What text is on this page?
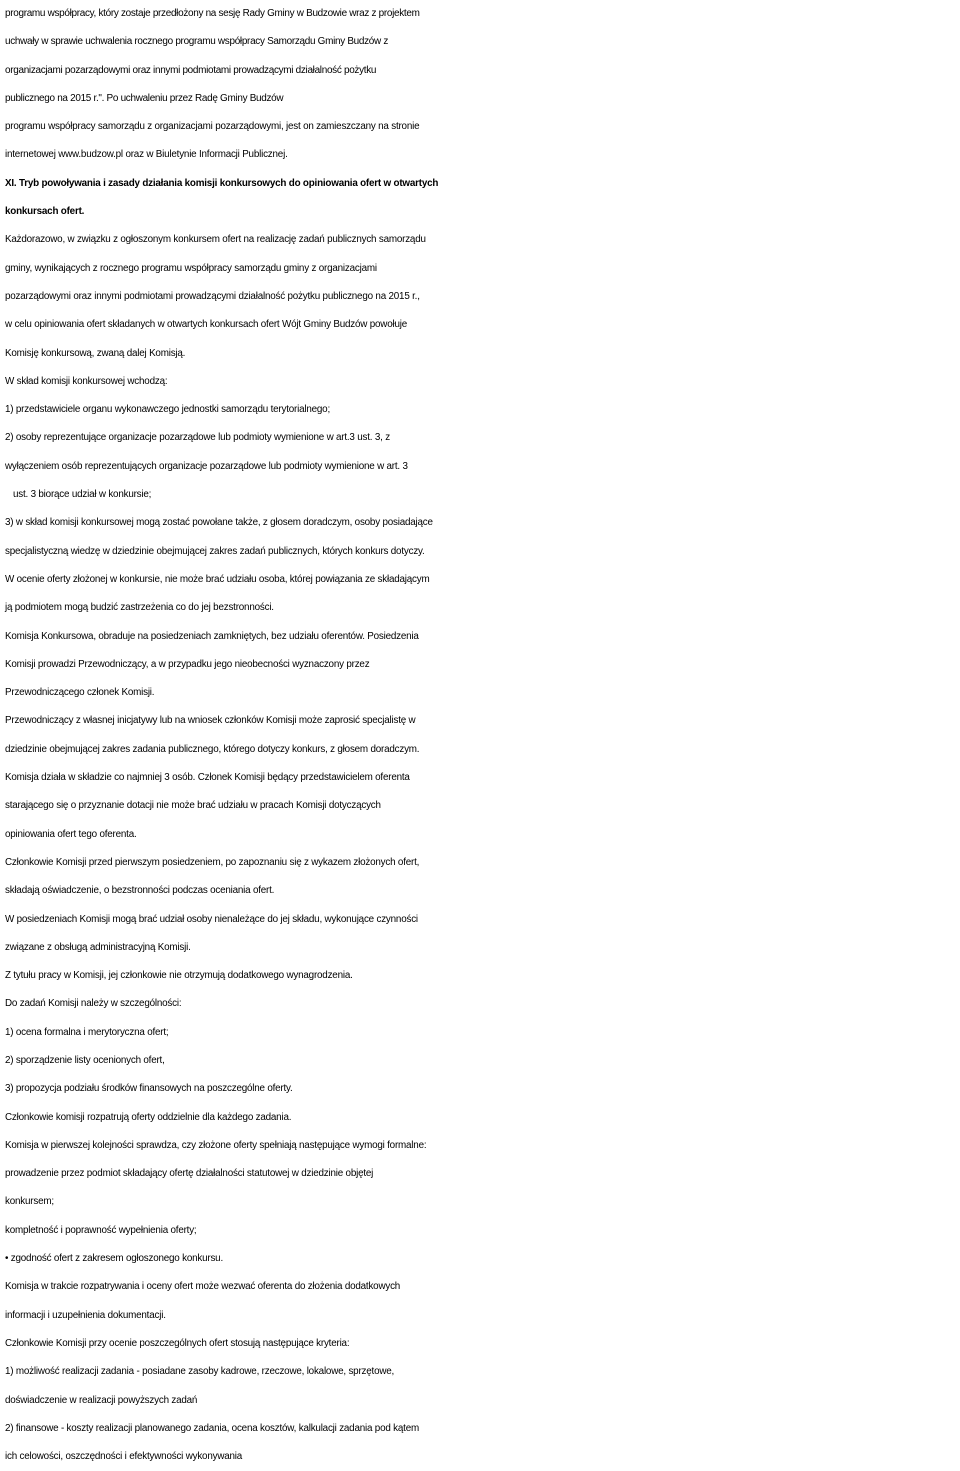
programu współpracy, który zostaje przedłożony na sesję Rady Gminy w Budzowie wraz z projektem
uchwały w sprawie uchwalenia rocznego programu współpracy Samorządu Gminy Budzów z
organizacjami pozarządowymi oraz innymi podmiotami prowadzącymi działalność pożytku
publicznego na 2015 r.". Po uchwaleniu przez Radę Gminy Budzów
programu współpracy samorządu z organizacjami pozarządowymi, jest on zamieszczany na stronie
internetowej www.budzow.pl oraz w Biuletynie Informacji Publicznej.
XI. Tryb powoływania i zasady działania komisji konkursowych do opiniowania ofert w otwartych
konkursach ofert.
Każdorazowo, w związku z ogłoszonym konkursem ofert na realizację zadań publicznych samorządu
gminy, wynikających z rocznego programu współpracy samorządu gminy z organizacjami
pozarządowymi oraz innymi podmiotami prowadzącymi działalność pożytku publicznego na 2015 r.,
w celu opiniowania ofert składanych w otwartych konkursach ofert Wójt Gminy Budzów powołuje
Komisję konkursową, zwaną dalej Komisją.
W skład komisji konkursowej wchodzą:
1) przedstawiciele organu wykonawczego jednostki samorządu terytorialnego;
2) osoby reprezentujące organizacje pozarządowe lub podmioty wymienione w art.3 ust. 3, z
wyłączeniem osób reprezentujących organizacje pozarządowe lub podmioty wymienione w art. 3
ust. 3 biorące udział w konkursie;
3) w skład komisji konkursowej mogą zostać powołane także, z głosem doradczym, osoby posiadające
specjalistyczną wiedzę w dziedzinie obejmującej zakres zadań publicznych, których konkurs dotyczy.
W ocenie oferty złożonej w konkursie, nie może brać udziału osoba, której powiązania ze składającym
ją podmiotem mogą budzić zastrzeżenia co do jej bezstronności.
Komisja Konkursowa, obraduje na posiedzeniach zamkniętych, bez udziału oferentów. Posiedzenia
Komisji prowadzi Przewodniczący, a w przypadku jego nieobecności wyznaczony przez
Przewodniczącego członek Komisji.
Przewodniczący z własnej inicjatywy lub na wniosek członków Komisji może zaprosić specjalistę w
dziedzinie obejmującej zakres zadania publicznego, którego dotyczy konkurs, z głosem doradczym.
Komisja działa w składzie co najmniej 3 osób. Członek Komisji będący przedstawicielem oferenta
starającego się o przyznanie dotacji nie może brać udziału w pracach Komisji dotyczących
opiniowania ofert tego oferenta.
Członkowie Komisji przed pierwszym posiedzeniem, po zapoznaniu się z wykazem złożonych ofert,
składają oświadczenie, o bezstronności podczas oceniania ofert.
W posiedzeniach Komisji mogą brać udział osoby nienależące do jej składu, wykonujące czynności
związane z obsługą administracyjną Komisji.
Z tytułu pracy w Komisji, jej członkowie nie otrzymują dodatkowego wynagrodzenia.
Do zadań Komisji należy w szczególności:
1) ocena formalna i merytoryczna ofert;
2) sporządzenie listy ocenionych ofert,
3) propozycja podziału środków finansowych na poszczególne oferty.
Członkowie komisji rozpatrują oferty oddzielnie dla każdego zadania.
Komisja w pierwszej kolejności sprawdza, czy złożone oferty spełniają następujące wymogi formalne:
prowadzenie przez podmiot składający ofertę działalności statutowej w dziedzinie objętej
konkursem;
kompletność i poprawność wypełnienia oferty;
• zgodność ofert z zakresem ogłoszonego konkursu.
Komisja w trakcie rozpatrywania i oceny ofert może wezwać oferenta do złożenia dodatkowych
informacji i uzupełnienia dokumentacji.
Członkowie Komisji przy ocenie poszczególnych ofert stosują następujące kryteria:
1) możliwość realizacji zadania - posiadane zasoby kadrowe, rzeczowe, lokalowe, sprzętowe,
doświadczenie w realizacji powyższych zadań
2) finansowe - koszty realizacji planowanego zadania, ocena kosztów, kalkulacji zadania pod kątem
ich celowości, oszczędności i efektywności wykonywania
